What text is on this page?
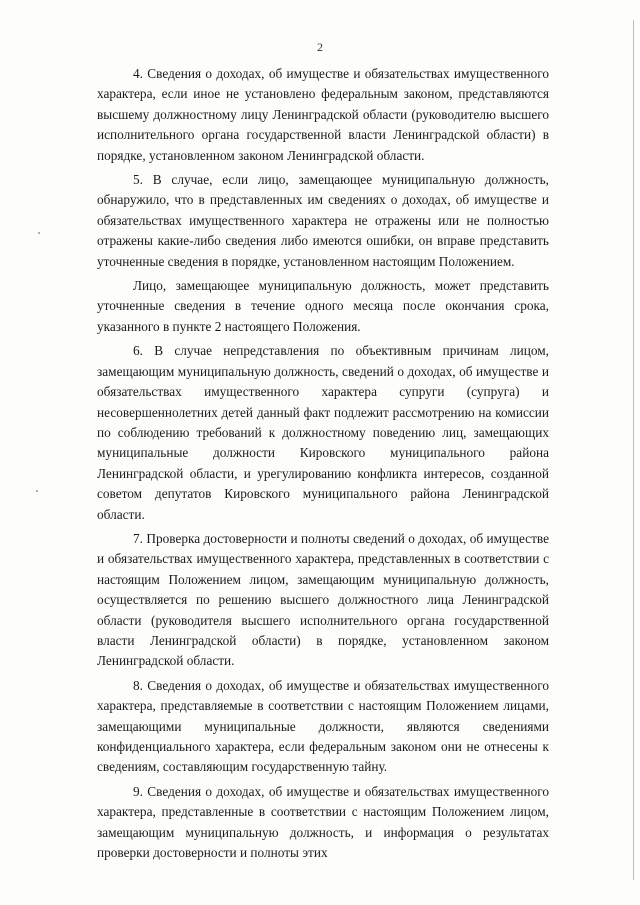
2

4. Сведения о доходах, об имуществе и обязательствах имущественного характера, если иное не установлено федеральным законом, представляются высшему должностному лицу Ленинградской области (руководителю высшего исполнительного органа государственной власти Ленинградской области) в порядке, установленном законом Ленинградской области.

5. В случае, если лицо, замещающее муниципальную должность, обнаружило, что в представленных им сведениях о доходах, об имуществе и обязательствах имущественного характера не отражены или не полностью отражены какие-либо сведения либо имеются ошибки, он вправе представить уточненные сведения в порядке, установленном настоящим Положением.

Лицо, замещающее муниципальную должность, может представить уточненные сведения в течение одного месяца после окончания срока, указанного в пункте 2 настоящего Положения.

6. В случае непредставления по объективным причинам лицом, замещающим муниципальную должность, сведений о доходах, об имуществе и обязательствах имущественного характера супруги (супруга) и несовершеннолетних детей данный факт подлежит рассмотрению на комиссии по соблюдению требований к должностному поведению лиц, замещающих муниципальные должности Кировского муниципального района Ленинградской области, и урегулированию конфликта интересов, созданной советом депутатов Кировского муниципального района Ленинградской области.

7. Проверка достоверности и полноты сведений о доходах, об имуществе и обязательствах имущественного характера, представленных в соответствии с настоящим Положением лицом, замещающим муниципальную должность, осуществляется по решению высшего должностного лица Ленинградской области (руководителя высшего исполнительного органа государственной власти Ленинградской области) в порядке, установленном законом Ленинградской области.

8. Сведения о доходах, об имуществе и обязательствах имущественного характера, представляемые в соответствии с настоящим Положением лицами, замещающими муниципальные должности, являются сведениями конфиденциального характера, если федеральным законом они не отнесены к сведениям, составляющим государственную тайну.

9. Сведения о доходах, об имуществе и обязательствах имущественного характера, представленные в соответствии с настоящим Положением лицом, замещающим муниципальную должность, и информация о результатах проверки достоверности и полноты этих
